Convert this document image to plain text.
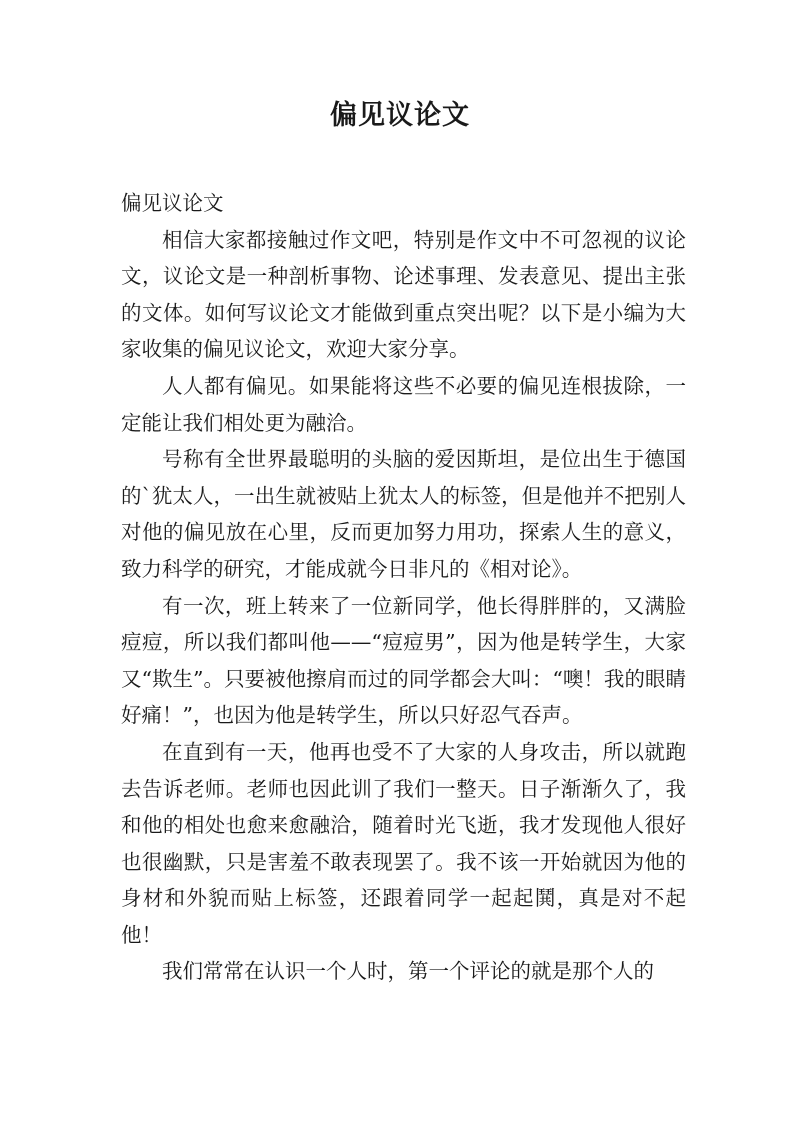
偏见议论文

偏见议论文

相信大家都接触过作文吧，特别是作文中不可忽视的议论文，议论文是一种剖析事物、论述事理、发表意见、提出主张的文体。如何写议论文才能做到重点突出呢？以下是小编为大家收集的偏见议论文，欢迎大家分享。

人人都有偏见。如果能将这些不必要的偏见连根拔除，一定能让我们相处更为融洽。

号称有全世界最聪明的头脑的爱因斯坦，是位出生于德国的`犹太人，一出生就被贴上犹太人的标签，但是他并不把别人对他的偏见放在心里，反而更加努力用功，探索人生的意义，致力科学的研究，才能成就今日非凡的《相对论》。

有一次，班上转来了一位新同学，他长得胖胖的，又满脸痘痘，所以我们都叫他——“痘痘男”，因为他是转学生，大家又“欺生”。只要被他擦肩而过的同学都会大叫：“噢！我的眼睛好痛！”，也因为他是转学生，所以只好忍气吞声。

在直到有一天，他再也受不了大家的人身攻击，所以就跑去告诉老师。老师也因此训了我们一整天。日子渐渐久了，我和他的相处也愈来愈融洽，随着时光飞逝，我才发现他人很好也很幽默，只是害羞不敢表现罢了。我不该一开始就因为他的身材和外貌而贴上标签，还跟着同学一起起鬨，真是对不起他！

我们常常在认识一个人时，第一个评论的就是那个人的
